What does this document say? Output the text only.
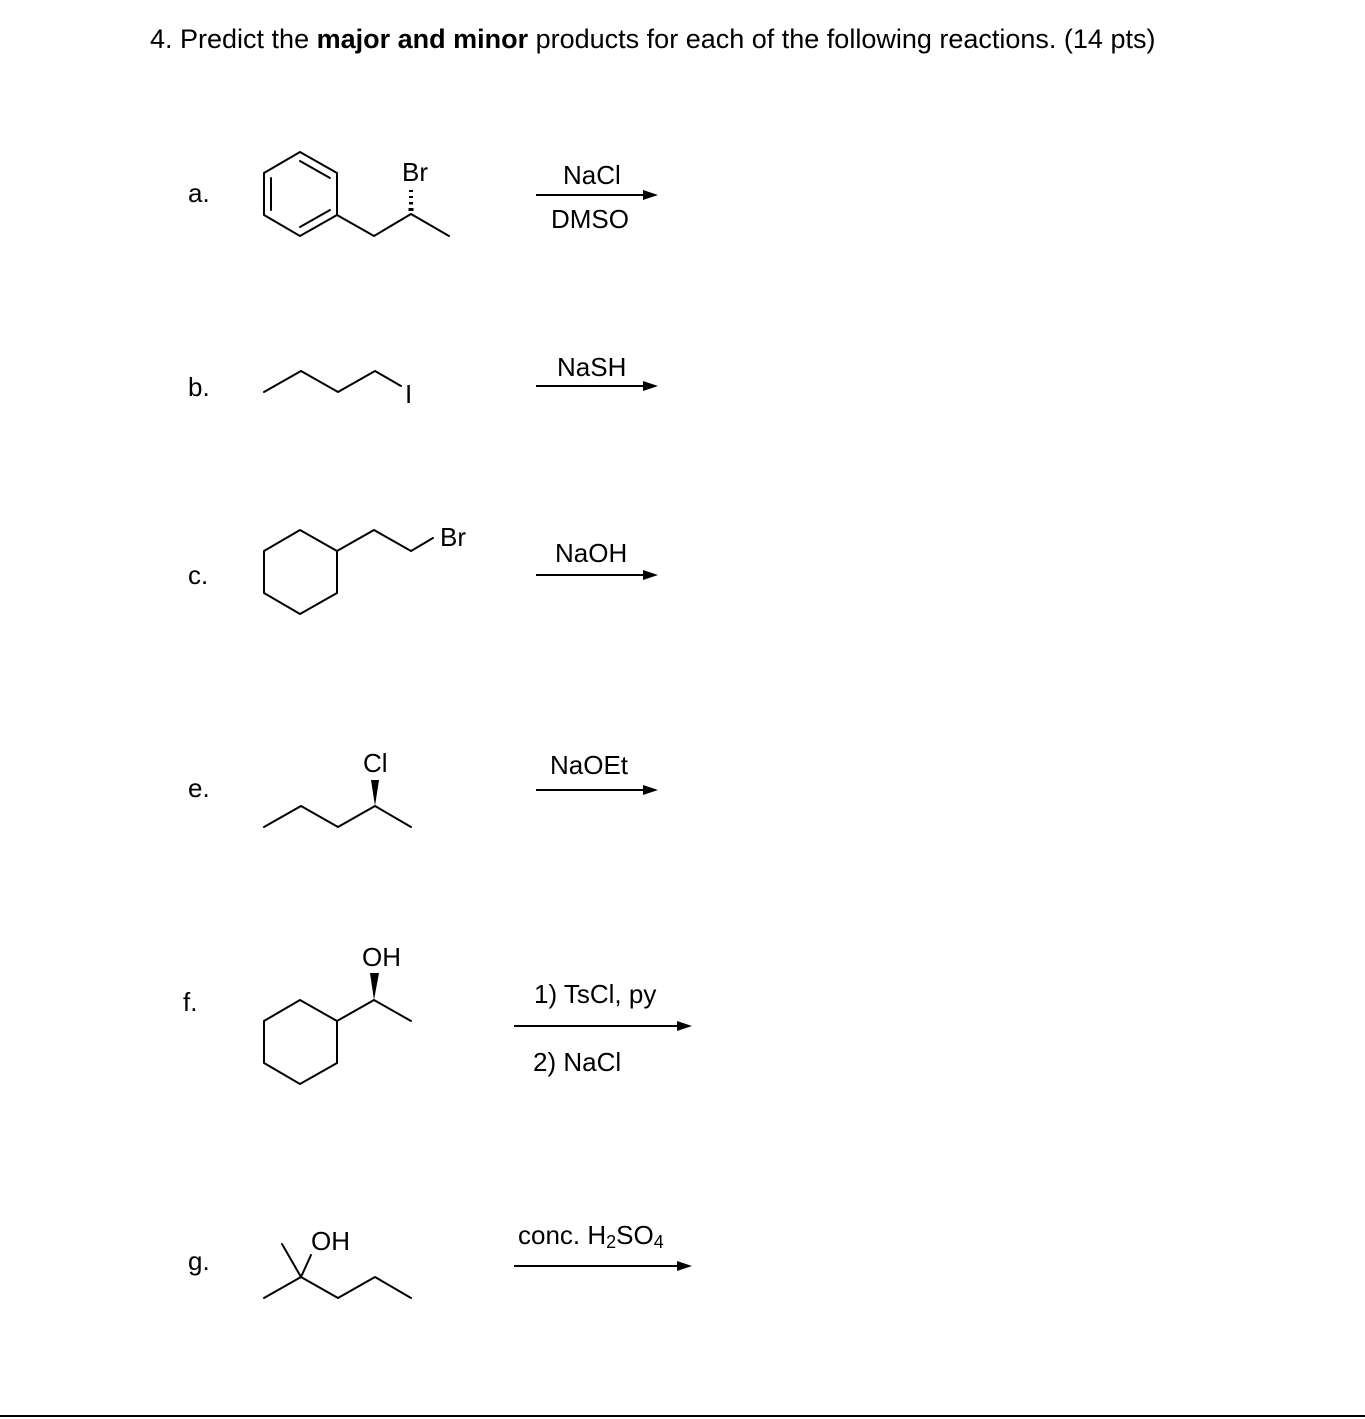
4. Predict the major and minor products for each of the following reactions. (14 pts)
a.
b.
c.
e.
f.
g.
Br
I
Br
Cl
OH
OH
NaCl
DMSO
NaSH
NaOH
NaOEt
1) TsCl, py
2) NaCl
conc. $H_2SO_4$
